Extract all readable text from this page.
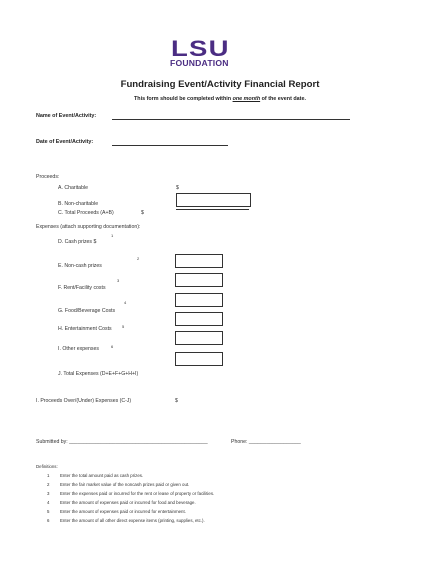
LSU
FOUNDATION
Fundraising Event/Activity Financial Report
This form should be completed within one month of the event date.
Name of Event/Activity:
Date of Event/Activity:
Proceeds:
A. Charitable	$
B. Non-charitable
C. Total Proceeds (A+B)	$
Expenses (attach supporting documentation):
1
D. Cash prizes $
2
E. Non-cash prizes
3
F. Rent/Facility costs
4
G. Food/Beverage Costs
H. Entertainment Costs	5
I. Other expenses	6
J. Total Expenses (D+E+F+G+H+I)
I. Proceeds Over/(Under) Expenses (C-J)	$
Submitted by: ________________________________________________	Phone: __________________
Definitions:
1 Enter the total amount paid as cash prizes.
2 Enter the fair market value of the noncash prizes paid or given out.
3 Enter the expenses paid or incurred for the rent or lease of property or facilities.
4 Enter the amount of expenses paid or incurred for food and beverage.
5 Enter the amount of expenses paid or incurred for entertainment.
6 Enter the amount of all other direct expense items (printing, supplies, etc.).
